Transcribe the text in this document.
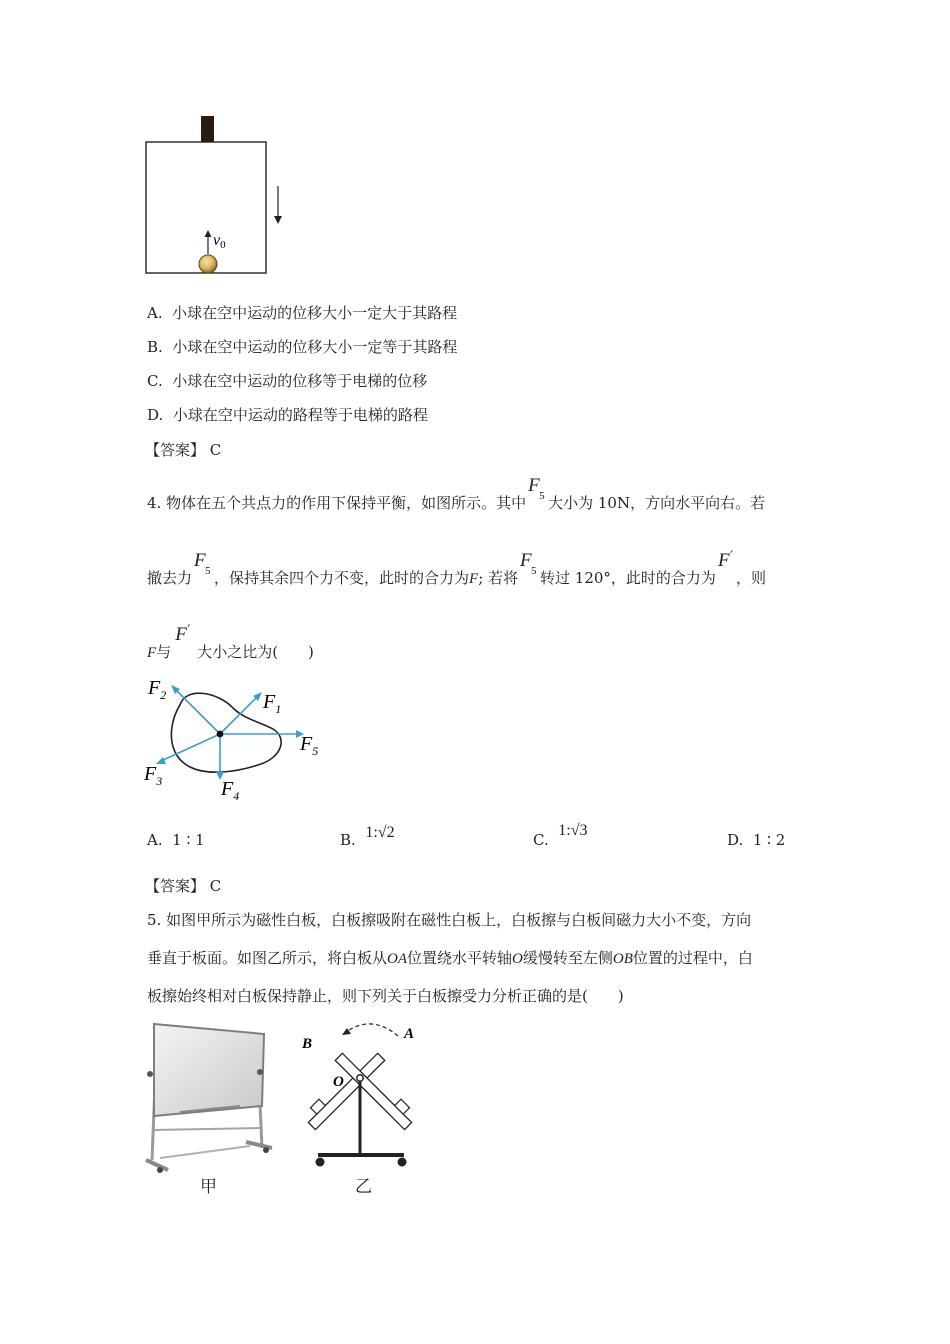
v0
A. 小球在空中运动的位移大小一定大于其路程
B. 小球在空中运动的位移大小一定等于其路程
C. 小球在空中运动的位移等于电梯的位移
D. 小球在空中运动的路程等于电梯的路程
【答案】 C
4. 物体在五个共点力的作用下保持平衡，如图所示。其中
F 5 大小为 10N，方向水平向右。若
撤去力
F 5 ，保持其余四个力不变，此时的合力为F; 若将
F 5 转过 120°，此时的合力为
F ′
，则
F与
F ′
大小之比为(　　)
$F_1$
$F_2$
$F_3$	$F_4$
$F_5$
A. 1 ∶ 1	B. 1:√2	C.  1:√3
D. 1 ∶ 2
【答案】 C
5. 如图甲所示为磁性白板，白板擦吸附在磁性白板上，白板擦与白板间磁力大小不变，方向
垂直于板面。如图乙所示，将白板从OA位置绕水平转轴O缓慢转至左侧OB位置的过程中，白
板擦始终相对白板保持静止，则下列关于白板擦受力分析正确的是(　　)
甲
A
B
O
乙
